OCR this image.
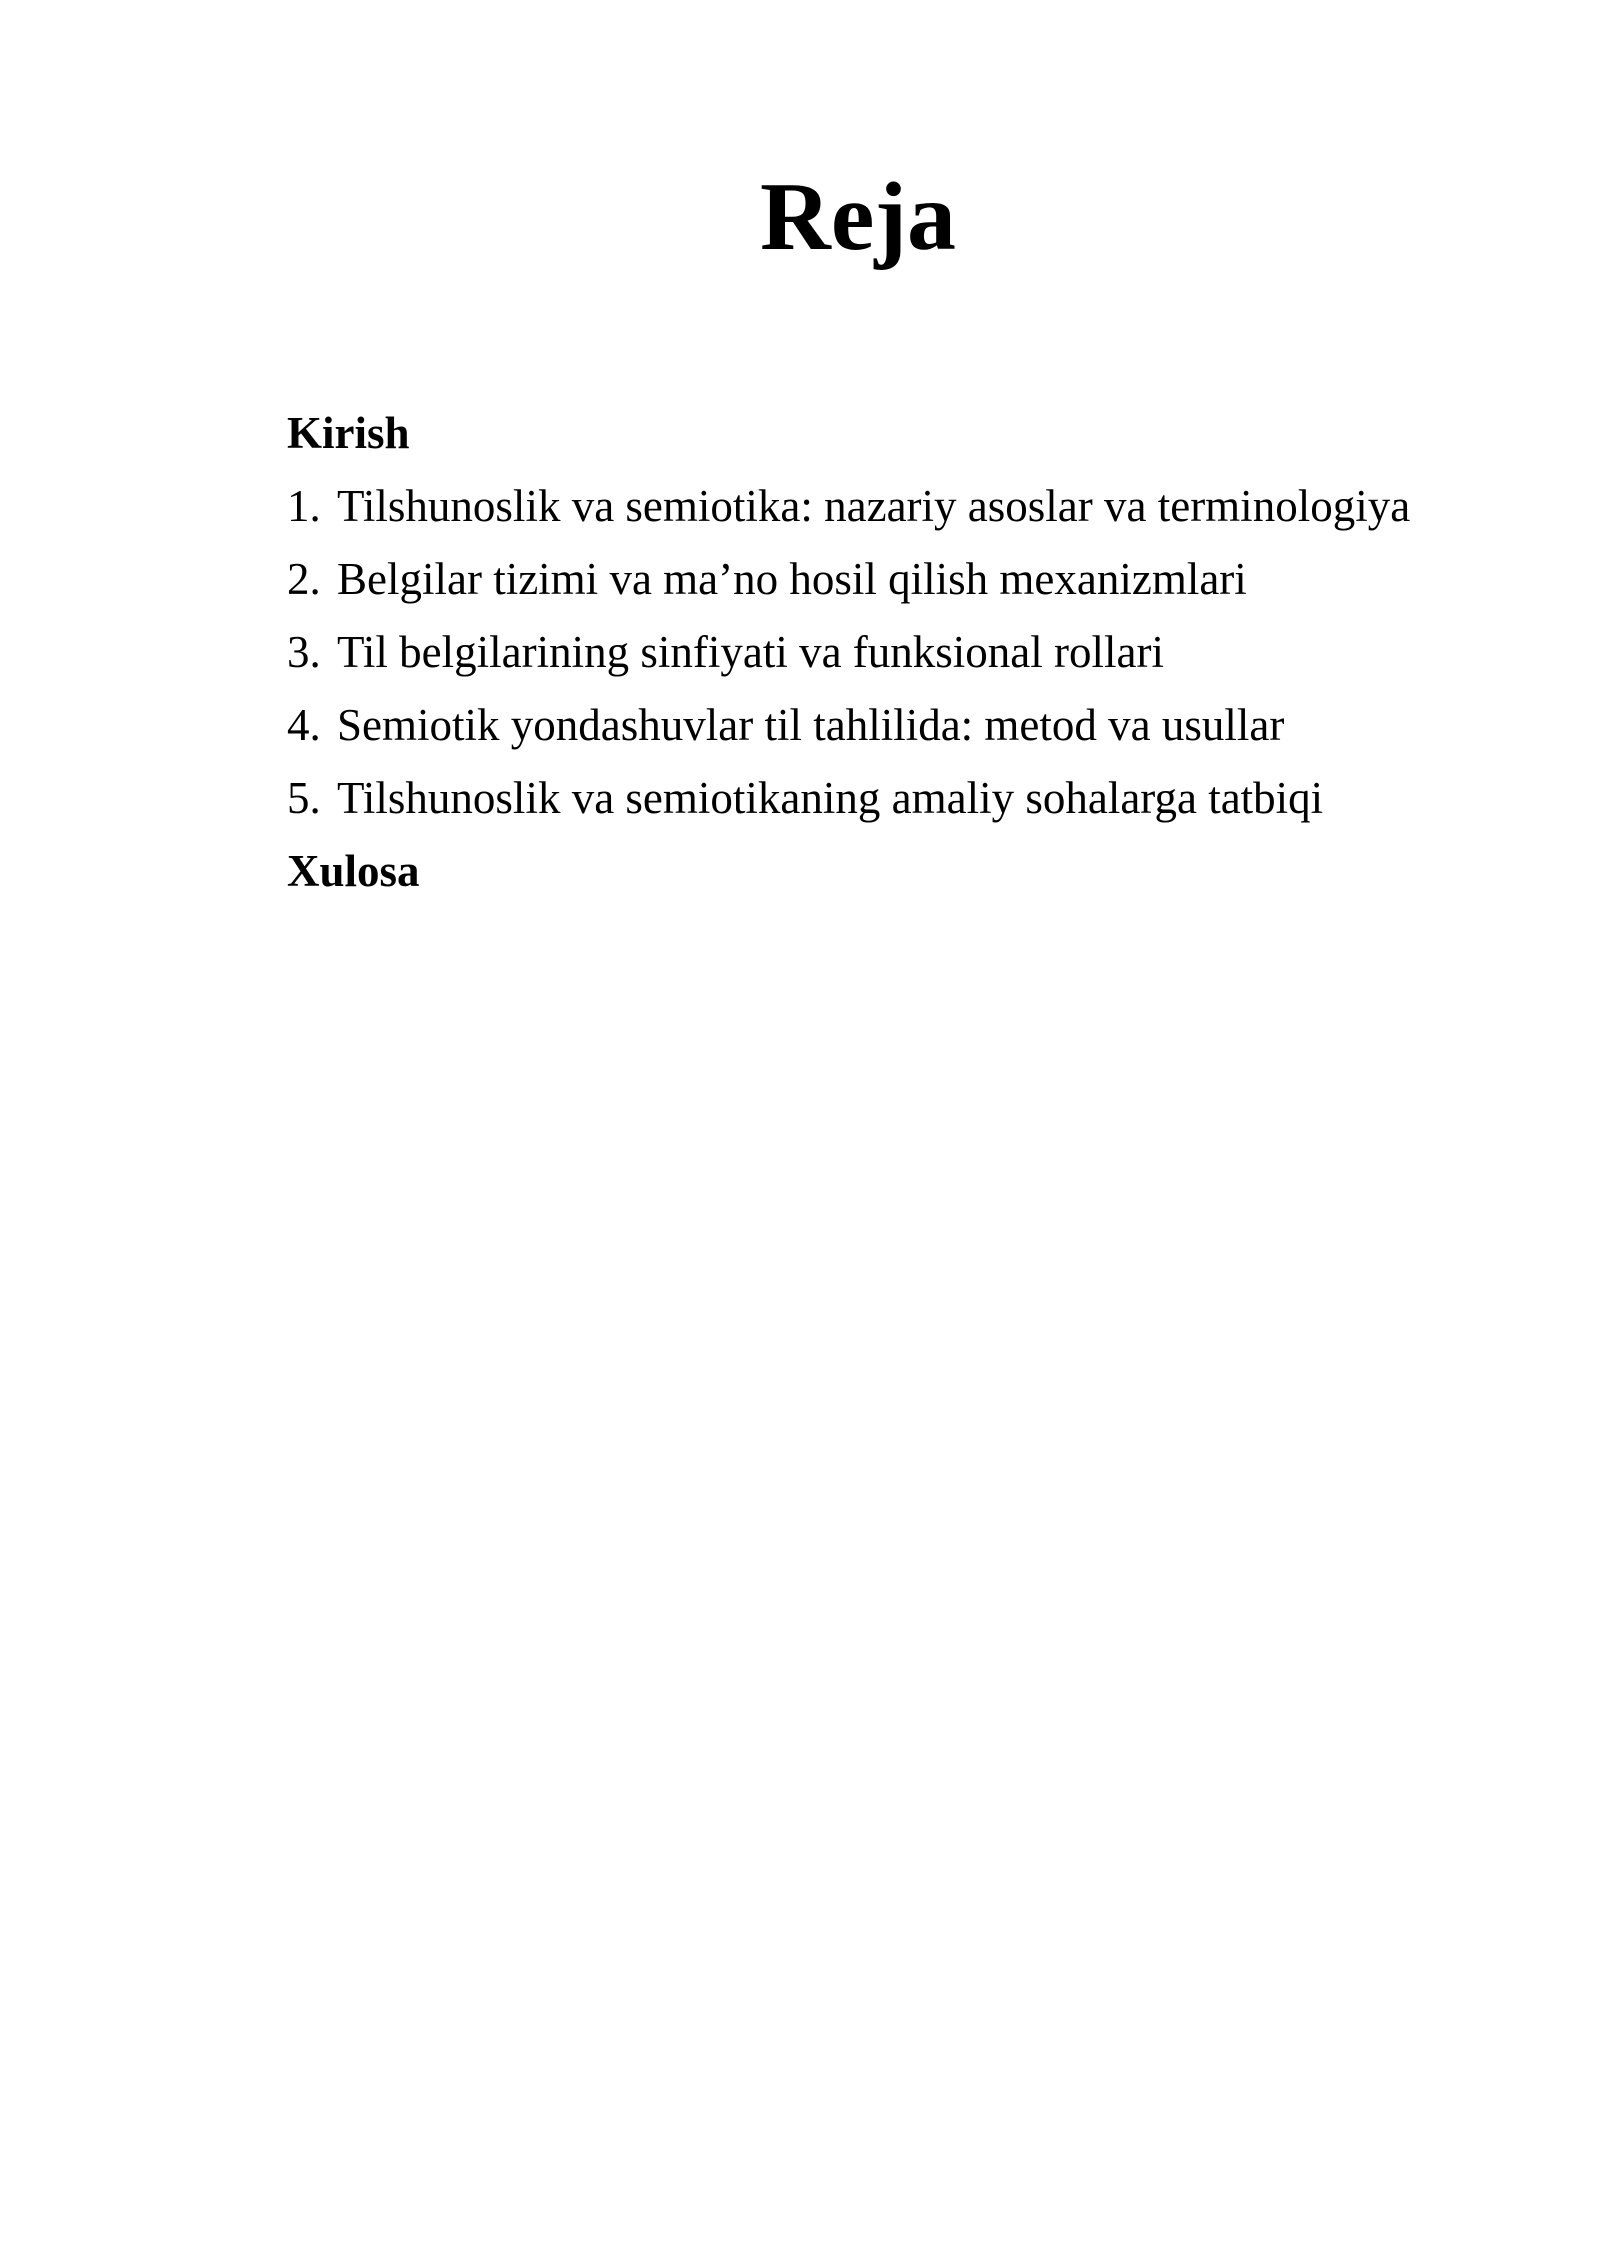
Reja
Kirish
1. Tilshunoslik va semiotika: nazariy asoslar va terminologiya
2. Belgilar tizimi va ma’no hosil qilish mexanizmlari
3. Til belgilarining sinfiyati va funksional rollari
4. Semiotik yondashuvlar til tahlilida: metod va usullar
5. Tilshunoslik va semiotikaning amaliy sohalarga tatbiqi
Xulosa
